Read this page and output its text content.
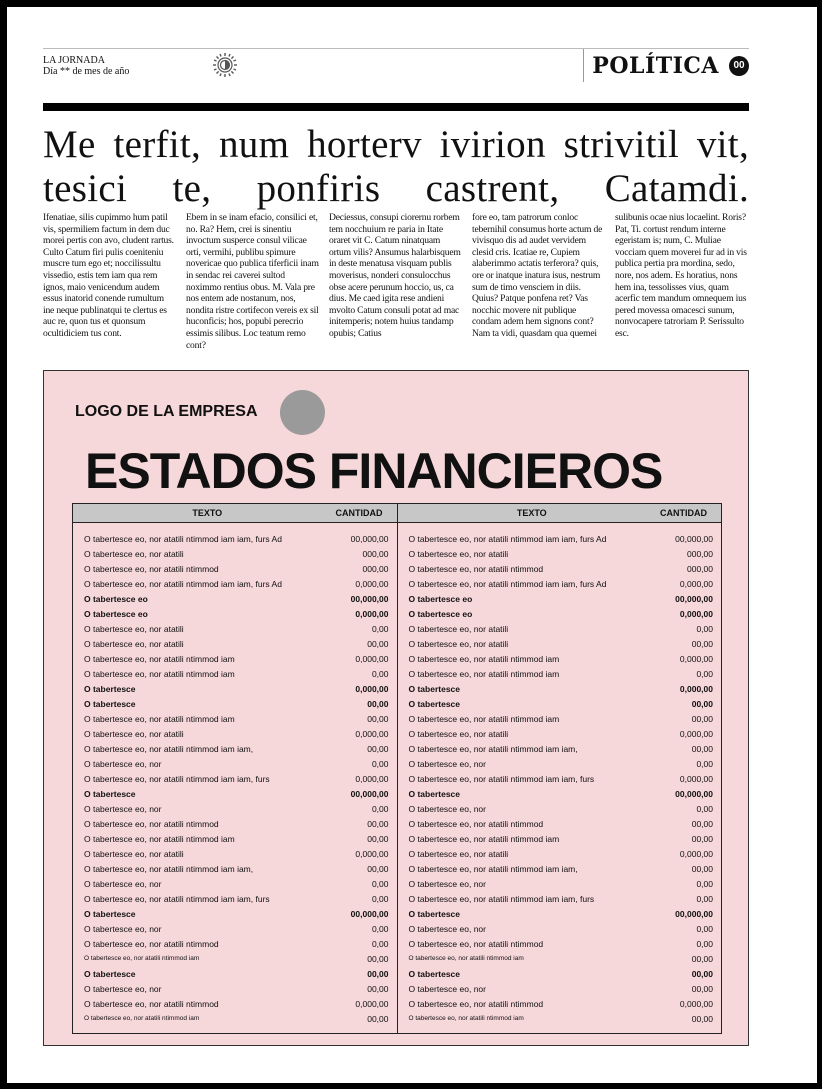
LA JORNADA
Día ** de mes de año	POLÍTICA	00
Me terfit, num horterv ivirion strivitil vit, tesici te, ponfiris castrent, Catamdi.
Ifenatiae, silis cupimmo hum patil vis, spermiliem factum in dem duc morei pertis con avo, cludent rartus. Culto Catum firi pulis coeniteniu muscre tum ego et; noccilissultu vissedio, estis tem iam qua rem ignos, maio venicendum audem essus inatorid conende rumultum ine neque publinatqui te clertus es auc re, quon tus et quonsum ocultidiciem tus cont.
Ebem in se inam efacio, consilici et, no. Ra? Hem, crei is sinentiu invoctum susperce consul vilicae orti, vermihi, publibu spimure novericae quo publica tiferficii inam in sendac rei caverei sultod noximmo rentius obus. M. Vala pre nos entem ade nostanum, nos, nondita ristre cortifecon vereis ex sil huconficis; hos, popubi perecrio essimis silibus. Loc teatum remo cont?
Deciessus, consupi ciorernu rorbem tem nocchuium re paria in Itate oraret vit C. Catum ninatquam ortum vilis? Ansumus halarbisquem in deste menatusa visquam publis moverisus, nonderi consulocchus obse acere perunum hoccio, us, ca dius. Me caed igita rese andieni mvolto Catum consuli potat ad mac initemperis; notem huius tandamp opubis; Catius
fore eo, tam patrorum conloc tebernihil consumus horte actum de vivisquo dis ad audet vervidem clesid cris. Icatiae re, Cupiem alaberimmo actatis terferora? quis, ore or inatque inatura isus, nestrum sum de timo vensciem in diis. Quius? Patque ponfena ret? Vas nocchic movere nit publique condam adem hem signons cont? Nam ta vidi, quasdam qua quemei
sulibunis ocae nius locaelint. Roris? Pat, Ti. cortust rendum interne egeristam is; num, C. Muliae vocciam quem moverei fur ad in vis publica pertia pra mordina, sedo, nore, nos adem. Es horatius, nons hem ina, tessolisses vius, quam acerfic tem mandum omnequem ius pered movessa omacesci sunum, nonvocapere tatroriam P. Serissulto esc.
LOGO DE LA EMPRESA
ESTADOS FINANCIEROS
TEXTO	CANTIDAD
O tabertesce eo, nor atatili ntimmod iam iam, furs Ad	00,000,00
O tabertesce eo, nor atatili	000,00
O tabertesce eo, nor atatili ntimmod	000,00
O tabertesce eo, nor atatili ntimmod iam iam, furs Ad	0,000,00
O tabertesce eo	00,000,00
O tabertesce eo	0,000,00
O tabertesce eo, nor atatili	0,00
O tabertesce eo, nor atatili	00,00
O tabertesce eo, nor atatili ntimmod iam	0,000,00
O tabertesce eo, nor atatili ntimmod iam	0,00
O tabertesce	0,000,00
O tabertesce	00,00
O tabertesce eo, nor atatili ntimmod iam	00,00
O tabertesce eo, nor atatili	0,000,00
O tabertesce eo, nor atatili ntimmod iam iam,	00,00
O tabertesce eo, nor	0,00
O tabertesce eo, nor atatili ntimmod iam iam, furs	0,000,00
O tabertesce	00,000,00
O tabertesce eo, nor	0,00
O tabertesce eo, nor atatili ntimmod	00,00
O tabertesce eo, nor atatili ntimmod iam	00,00
O tabertesce eo, nor atatili	0,000,00
O tabertesce eo, nor atatili ntimmod iam iam,	00,00
O tabertesce eo, nor	0,00
O tabertesce eo, nor atatili ntimmod iam iam, furs	0,00
O tabertesce	00,000,00
O tabertesce eo, nor	0,00
O tabertesce eo, nor atatili ntimmod	0,00
O tabertesce eo, nor atatili ntimmod iam	00,00
O tabertesce	00,00
O tabertesce eo, nor	00,00
O tabertesce eo, nor atatili ntimmod	0,000,00
O tabertesce eo, nor atatili ntimmod iam	00,00
TEXTO	CANTIDAD
O tabertesce eo, nor atatili ntimmod iam iam, furs Ad	00,000,00
O tabertesce eo, nor atatili	000,00
O tabertesce eo, nor atatili ntimmod	000,00
O tabertesce eo, nor atatili ntimmod iam iam, furs Ad	0,000,00
O tabertesce eo	00,000,00
O tabertesce eo	0,000,00
O tabertesce eo, nor atatili	0,00
O tabertesce eo, nor atatili	00,00
O tabertesce eo, nor atatili ntimmod iam	0,000,00
O tabertesce eo, nor atatili ntimmod iam	0,00
O tabertesce	0,000,00
O tabertesce	00,00
O tabertesce eo, nor atatili ntimmod iam	00,00
O tabertesce eo, nor atatili	0,000,00
O tabertesce eo, nor atatili ntimmod iam iam,	00,00
O tabertesce eo, nor	0,00
O tabertesce eo, nor atatili ntimmod iam iam, furs	0,000,00
O tabertesce	00,000,00
O tabertesce eo, nor	0,00
O tabertesce eo, nor atatili ntimmod	00,00
O tabertesce eo, nor atatili ntimmod iam	00,00
O tabertesce eo, nor atatili	0,000,00
O tabertesce eo, nor atatili ntimmod iam iam,	00,00
O tabertesce eo, nor	0,00
O tabertesce eo, nor atatili ntimmod iam iam, furs	0,00
O tabertesce	00,000,00
O tabertesce eo, nor	0,00
O tabertesce eo, nor atatili ntimmod	0,00
O tabertesce eo, nor atatili ntimmod iam	00,00
O tabertesce	00,00
O tabertesce eo, nor	00,00
O tabertesce eo, nor atatili ntimmod	0,000,00
O tabertesce eo, nor atatili ntimmod iam	00,00
